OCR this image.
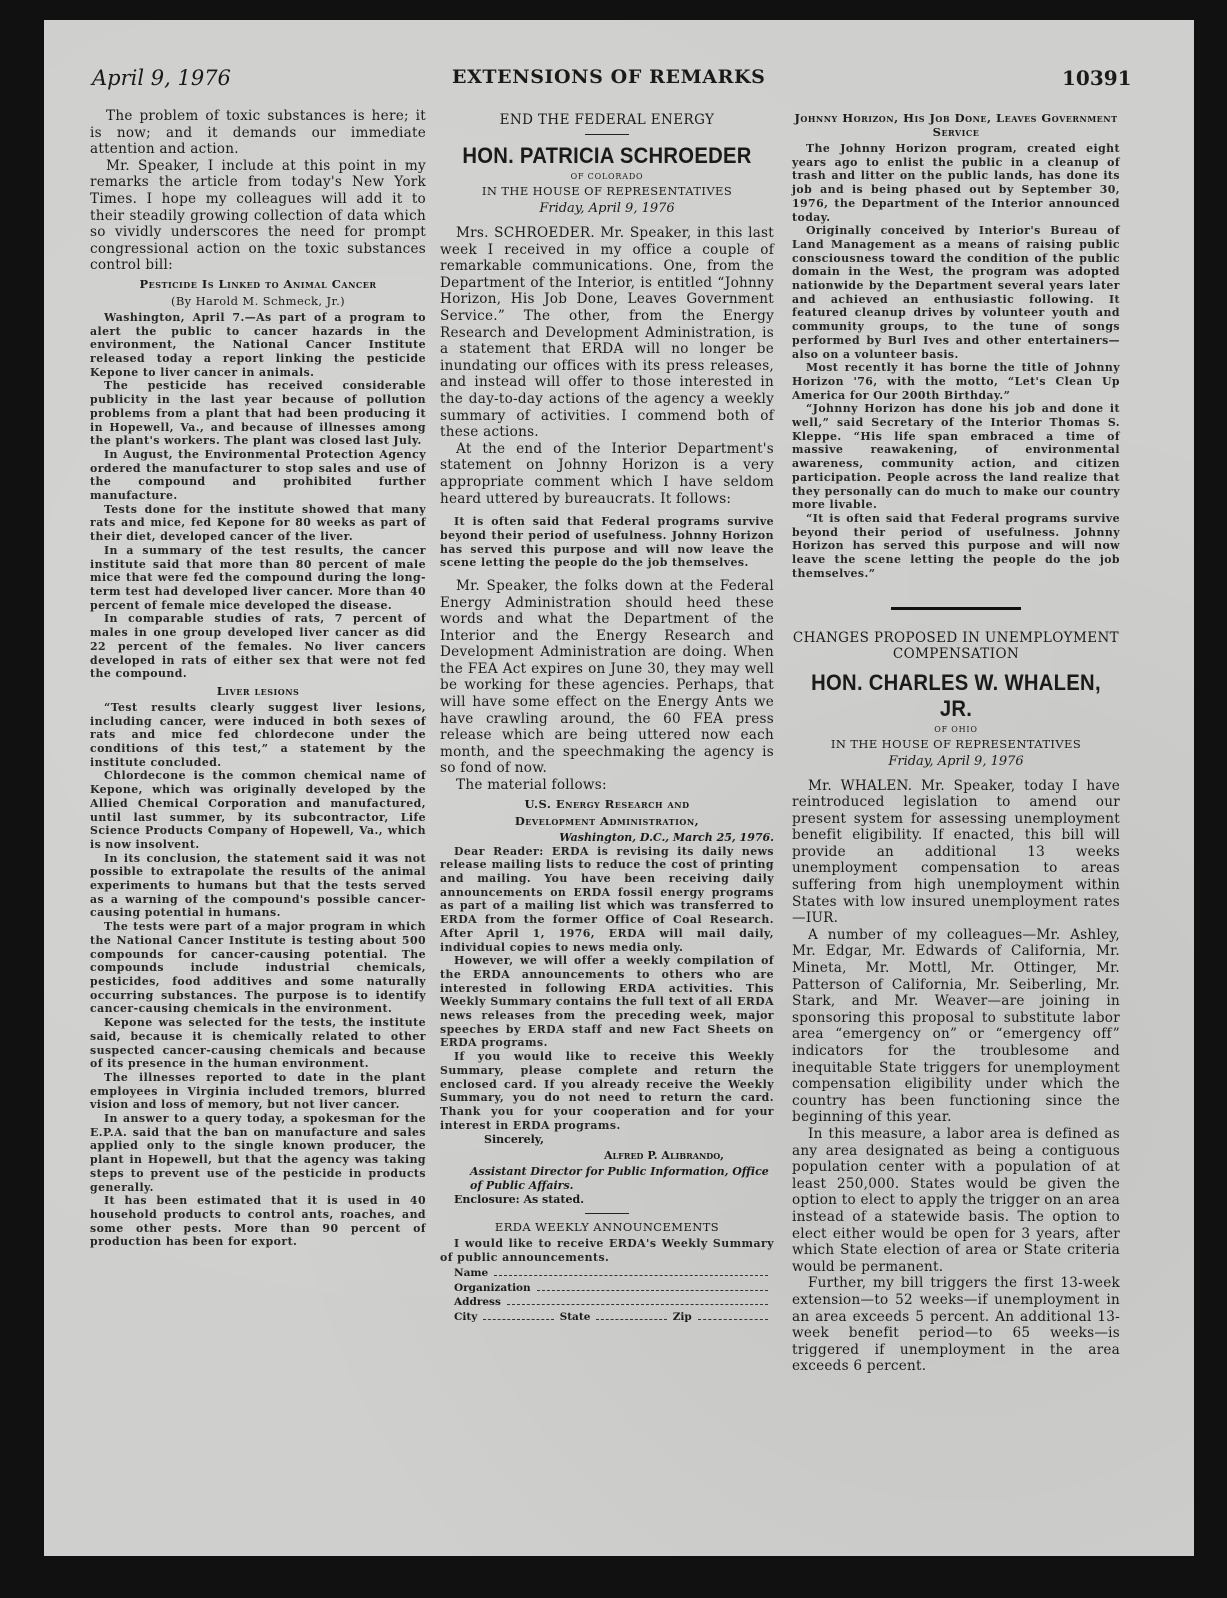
April 9, 1976	EXTENSIONS OF REMARKS	10391
The problem of toxic substances is here; it is now; and it demands our immediate attention and action.
Mr. Speaker, I include at this point in my remarks the article from today's New York Times. I hope my colleagues will add it to their steadily growing collection of data which so vividly underscores the need for prompt congressional action on the toxic substances control bill:
Pesticide Is Linked to Animal Cancer
(By Harold M. Schmeck, Jr.)
Washington, April 7.—As part of a program to alert the public to cancer hazards in the environment, the National Cancer Institute released today a report linking the pesticide Kepone to liver cancer in animals.
The pesticide has received considerable publicity in the last year because of pollution problems from a plant that had been producing it in Hopewell, Va., and because of illnesses among the plant's workers. The plant was closed last July.
In August, the Environmental Protection Agency ordered the manufacturer to stop sales and use of the compound and prohibited further manufacture.
Tests done for the institute showed that many rats and mice, fed Kepone for 80 weeks as part of their diet, developed cancer of the liver.
In a summary of the test results, the cancer institute said that more than 80 percent of male mice that were fed the compound during the long-term test had developed liver cancer. More than 40 percent of female mice developed the disease.
In comparable studies of rats, 7 percent of males in one group developed liver cancer as did 22 percent of the females. No liver cancers developed in rats of either sex that were not fed the compound.
Liver lesions
“Test results clearly suggest liver lesions, including cancer, were induced in both sexes of rats and mice fed chlordecone under the conditions of this test,” a statement by the institute concluded.
Chlordecone is the common chemical name of Kepone, which was originally developed by the Allied Chemical Corporation and manufactured, until last summer, by its subcontractor, Life Science Products Company of Hopewell, Va., which is now insolvent.
In its conclusion, the statement said it was not possible to extrapolate the results of the animal experiments to humans but that the tests served as a warning of the compound's possible cancer-causing potential in humans.
The tests were part of a major program in which the National Cancer Institute is testing about 500 compounds for cancer-causing potential. The compounds include industrial chemicals, pesticides, food additives and some naturally occurring substances. The purpose is to identify cancer-causing chemicals in the environment.
Kepone was selected for the tests, the institute said, because it is chemically related to other suspected cancer-causing chemicals and because of its presence in the human environment.
The illnesses reported to date in the plant employees in Virginia included tremors, blurred vision and loss of memory, but not liver cancer.
In answer to a query today, a spokesman for the E.P.A. said that the ban on manufacture and sales applied only to the single known producer, the plant in Hopewell, but that the agency was taking steps to prevent use of the pesticide in products generally.
It has been estimated that it is used in 40 household products to control ants, roaches, and some other pests. More than 90 percent of production has been for export.
END THE FEDERAL ENERGY
HON. PATRICIA SCHROEDER
OF COLORADO
IN THE HOUSE OF REPRESENTATIVES
Friday, April 9, 1976
Mrs. SCHROEDER. Mr. Speaker, in this last week I received in my office a couple of remarkable communications. One, from the Department of the Interior, is entitled “Johnny Horizon, His Job Done, Leaves Government Service.” The other, from the Energy Research and Development Administration, is a statement that ERDA will no longer be inundating our offices with its press releases, and instead will offer to those interested in the day-to-day actions of the agency a weekly summary of activities. I commend both of these actions.
At the end of the Interior Department's statement on Johnny Horizon is a very appropriate comment which I have seldom heard uttered by bureaucrats. It follows:
It is often said that Federal programs survive beyond their period of usefulness. Johnny Horizon has served this purpose and will now leave the scene letting the people do the job themselves.
Mr. Speaker, the folks down at the Federal Energy Administration should heed these words and what the Department of the Interior and the Energy Research and Development Administration are doing. When the FEA Act expires on June 30, they may well be working for these agencies. Perhaps, that will have some effect on the Energy Ants we have crawling around, the 60 FEA press release which are being uttered now each month, and the speechmaking the agency is so fond of now.
The material follows:
U.S. Energy Research and
Development Administration,
Washington, D.C., March 25, 1976.
Dear Reader: ERDA is revising its daily news release mailing lists to reduce the cost of printing and mailing. You have been receiving daily announcements on ERDA fossil energy programs as part of a mailing list which was transferred to ERDA from the former Office of Coal Research. After April 1, 1976, ERDA will mail daily, individual copies to news media only.
However, we will offer a weekly compilation of the ERDA announcements to others who are interested in following ERDA activities. This Weekly Summary contains the full text of all ERDA news releases from the preceding week, major speeches by ERDA staff and new Fact Sheets on ERDA programs.
If you would like to receive this Weekly Summary, please complete and return the enclosed card. If you already receive the Weekly Summary, you do not need to return the card. Thank you for your cooperation and for your interest in ERDA programs.
Sincerely,
Alfred P. Alibrando,
Assistant Director for Public Information, Office of Public Affairs.
Enclosure: As stated.
ERDA WEEKLY ANNOUNCEMENTS
I would like to receive ERDA's Weekly Summary of public announcements.
Name
Organization
Address
City	State	Zip
Johnny Horizon, His Job Done, Leaves Government Service
The Johnny Horizon program, created eight years ago to enlist the public in a cleanup of trash and litter on the public lands, has done its job and is being phased out by September 30, 1976, the Department of the Interior announced today.
Originally conceived by Interior's Bureau of Land Management as a means of raising public consciousness toward the condition of the public domain in the West, the program was adopted nationwide by the Department several years later and achieved an enthusiastic following. It featured cleanup drives by volunteer youth and community groups, to the tune of songs performed by Burl Ives and other entertainers—also on a volunteer basis.
Most recently it has borne the title of Johnny Horizon '76, with the motto, “Let's Clean Up America for Our 200th Birthday.”
“Johnny Horizon has done his job and done it well,” said Secretary of the Interior Thomas S. Kleppe. “His life span embraced a time of massive reawakening, of environmental awareness, community action, and citizen participation. People across the land realize that they personally can do much to make our country more livable.
“It is often said that Federal programs survive beyond their period of usefulness. Johnny Horizon has served this purpose and will now leave the scene letting the people do the job themselves.”
CHANGES PROPOSED IN UNEMPLOYMENT COMPENSATION
HON. CHARLES W. WHALEN, JR.
OF OHIO
IN THE HOUSE OF REPRESENTATIVES
Friday, April 9, 1976
Mr. WHALEN. Mr. Speaker, today I have reintroduced legislation to amend our present system for assessing unemployment benefit eligibility. If enacted, this bill will provide an additional 13 weeks unemployment compensation to areas suffering from high unemployment within States with low insured unemployment rates—IUR.
A number of my colleagues—Mr. Ashley, Mr. Edgar, Mr. Edwards of California, Mr. Mineta, Mr. Mottl, Mr. Ottinger, Mr. Patterson of California, Mr. Seiberling, Mr. Stark, and Mr. Weaver—are joining in sponsoring this proposal to substitute labor area “emergency on” or “emergency off” indicators for the troublesome and inequitable State triggers for unemployment compensation eligibility under which the country has been functioning since the beginning of this year.
In this measure, a labor area is defined as any area designated as being a contiguous population center with a population of at least 250,000. States would be given the option to elect to apply the trigger on an area instead of a statewide basis. The option to elect either would be open for 3 years, after which State election of area or State criteria would be permanent.
Further, my bill triggers the first 13-week extension—to 52 weeks—if unemployment in an area exceeds 5 percent. An additional 13-week benefit period—to 65 weeks—is triggered if unemployment in the area exceeds 6 percent.
